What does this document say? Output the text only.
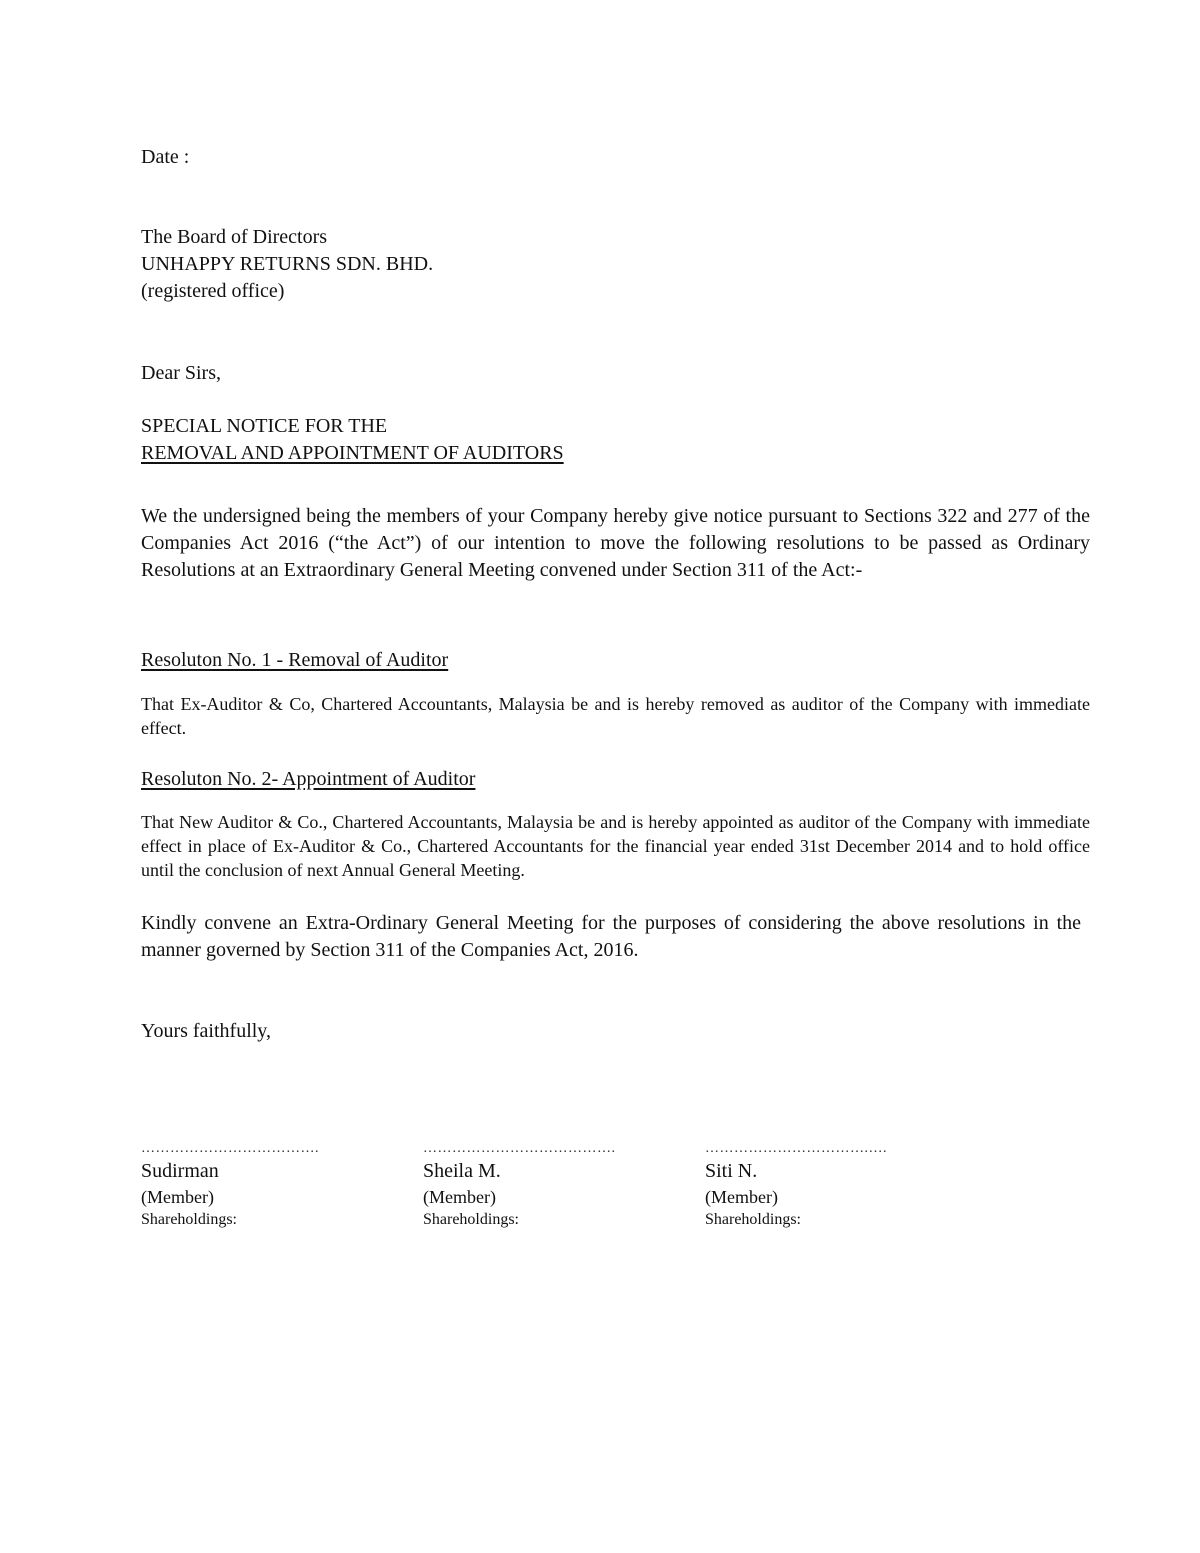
Date :

The Board of Directors
UNHAPPY RETURNS SDN. BHD.
(registered office)

Dear Sirs,

SPECIAL NOTICE FOR THE
REMOVAL AND APPOINTMENT OF AUDITORS

We the undersigned being the members of your Company hereby give notice pursuant to Sections 322 and 277 of the Companies Act 2016 (“the Act”) of our intention to move the following resolutions to be passed as Ordinary Resolutions at an Extraordinary General Meeting convened under Section 311 of the Act:-

Resoluton No. 1 - Removal of Auditor

That Ex-Auditor & Co, Chartered Accountants, Malaysia be and is hereby removed as auditor of the Company with immediate effect.

Resoluton No. 2- Appointment of Auditor

That New Auditor & Co., Chartered Accountants, Malaysia be and is hereby appointed as auditor of the Company with immediate effect in place of Ex-Auditor & Co., Chartered Accountants for the financial year ended 31st December 2014 and to hold office until the conclusion of next Annual General Meeting.

Kindly convene an Extra-Ordinary General Meeting for the purposes of considering the above resolutions in the manner governed by Section 311 of the Companies Act, 2016.

Yours faithfully,

……………………………….
Sudirman
(Member)
Shareholdings:
………………………………….
Sheila M.
(Member)
Shareholdings:
…………………………….….
Siti N.
(Member)
Shareholdings:
